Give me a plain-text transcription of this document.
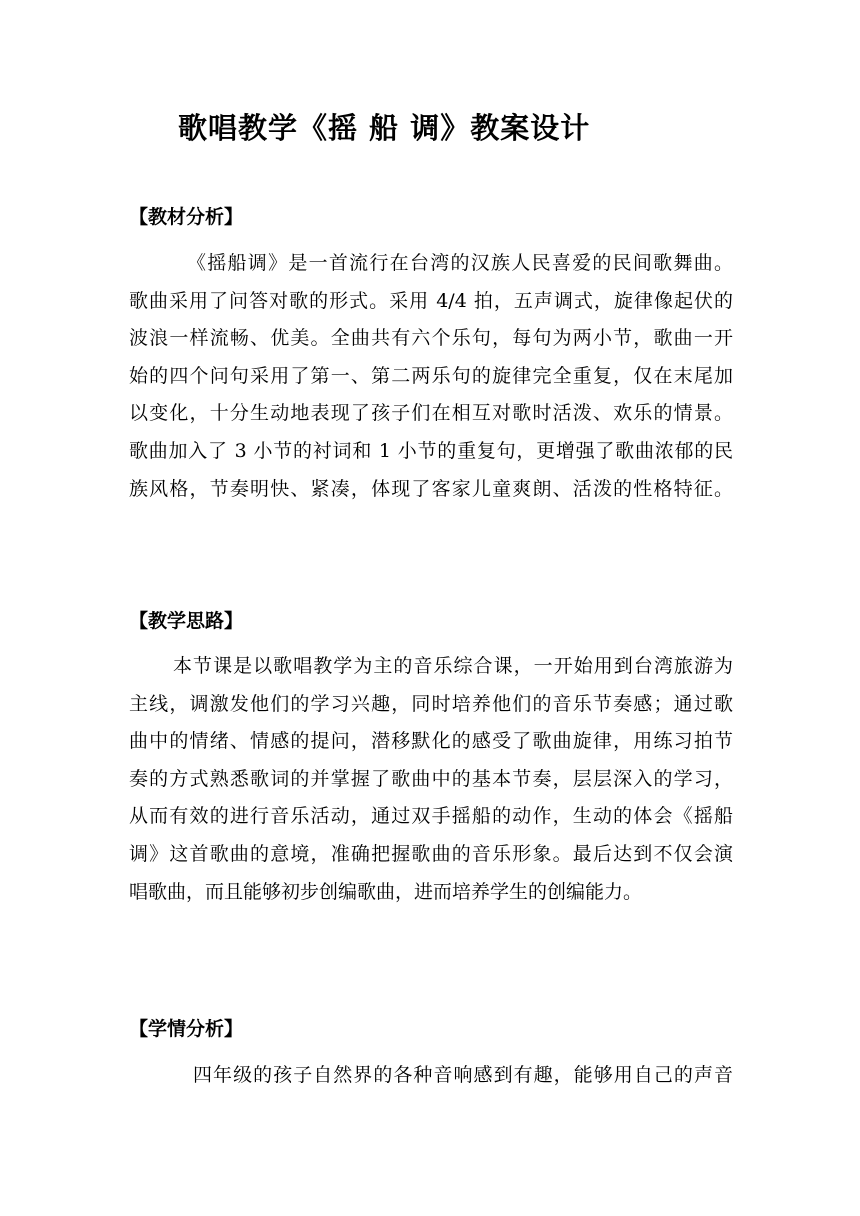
歌唱教学《摇 船 调》教案设计
【教材分析】
《摇船调》是一首流行在台湾的汉族人民喜爱的民间歌舞曲。
歌曲采用了问答对歌的形式。采用 4/4 拍，五声调式，旋律像起伏的
波浪一样流畅、优美。全曲共有六个乐句，每句为两小节，歌曲一开
始的四个问句采用了第一、第二两乐句的旋律完全重复，仅在末尾加
以变化，十分生动地表现了孩子们在相互对歌时活泼、欢乐的情景。
歌曲加入了 3 小节的衬词和 1 小节的重复句，更增强了歌曲浓郁的民
族风格，节奏明快、紧凑，体现了客家儿童爽朗、活泼的性格特征。
【教学思路】
本节课是以歌唱教学为主的音乐综合课，一开始用到台湾旅游为
主线，调激发他们的学习兴趣，同时培养他们的音乐节奏感；通过歌
曲中的情绪、情感的提问，潜移默化的感受了歌曲旋律，用练习拍节
奏的方式熟悉歌词的并掌握了歌曲中的基本节奏，层层深入的学习，
从而有效的进行音乐活动，通过双手摇船的动作，生动的体会《摇船
调》这首歌曲的意境，准确把握歌曲的音乐形象。最后达到不仅会演
唱歌曲，而且能够初步创编歌曲，进而培养学生的创编能力。
【学情分析】
四年级的孩子自然界的各种音响感到有趣，能够用自己的声音
